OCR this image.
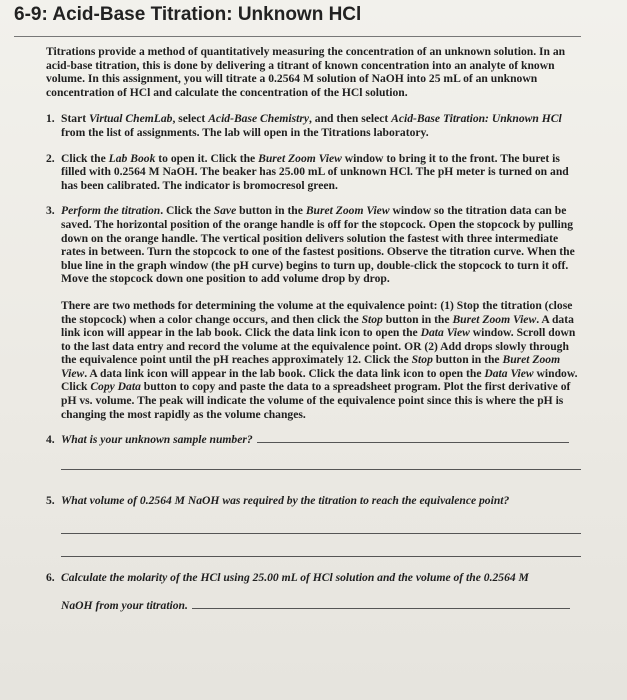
6-9: Acid-Base Titration: Unknown HCl

Titrations provide a method of quantitatively measuring the concentration of an unknown solution. In an acid-base titration, this is done by delivering a titrant of known concentration into an analyte of known volume. In this assignment, you will titrate a 0.2564 M solution of NaOH into 25 mL of an unknown concentration of HCl and calculate the concentration of the HCl solution.

1. Start Virtual ChemLab, select Acid-Base Chemistry, and then select Acid-Base Titration: Unknown HCl from the list of assignments. The lab will open in the Titrations laboratory.
2. Click the Lab Book to open it. Click the Buret Zoom View window to bring it to the front. The buret is filled with 0.2564 M NaOH. The beaker has 25.00 mL of unknown HCl. The pH meter is turned on and has been calibrated. The indicator is bromocresol green.
3. Perform the titration. Click the Save button in the Buret Zoom View window so the titration data can be saved. The horizontal position of the orange handle is off for the stopcock. Open the stopcock by pulling down on the orange handle. The vertical position delivers solution the fastest with three intermediate rates in between. Turn the stopcock to one of the fastest positions. Observe the titration curve. When the blue line in the graph window (the pH curve) begins to turn up, double-click the stopcock to turn it off. Move the stopcock down one position to add volume drop by drop.
There are two methods for determining the volume at the equivalence point: (1) Stop the titration (close the stopcock) when a color change occurs, and then click the Stop button in the Buret Zoom View. A data link icon will appear in the lab book. Click the data link icon to open the Data View window. Scroll down to the last data entry and record the volume at the equivalence point. OR (2) Add drops slowly through the equivalence point until the pH reaches approximately 12. Click the Stop button in the Buret Zoom View. A data link icon will appear in the lab book. Click the data link icon to open the Data View window. Click Copy Data button to copy and paste the data to a spreadsheet program. Plot the first derivative of pH vs. volume. The peak will indicate the volume of the equivalence point since this is where the pH is changing the most rapidly as the volume changes.
4. What is your unknown sample number?
5. What volume of 0.2564 M NaOH was required by the titration to reach the equivalence point?
6. Calculate the molarity of the HCl using 25.00 mL of HCl solution and the volume of the 0.2564 M
NaOH from your titration.
